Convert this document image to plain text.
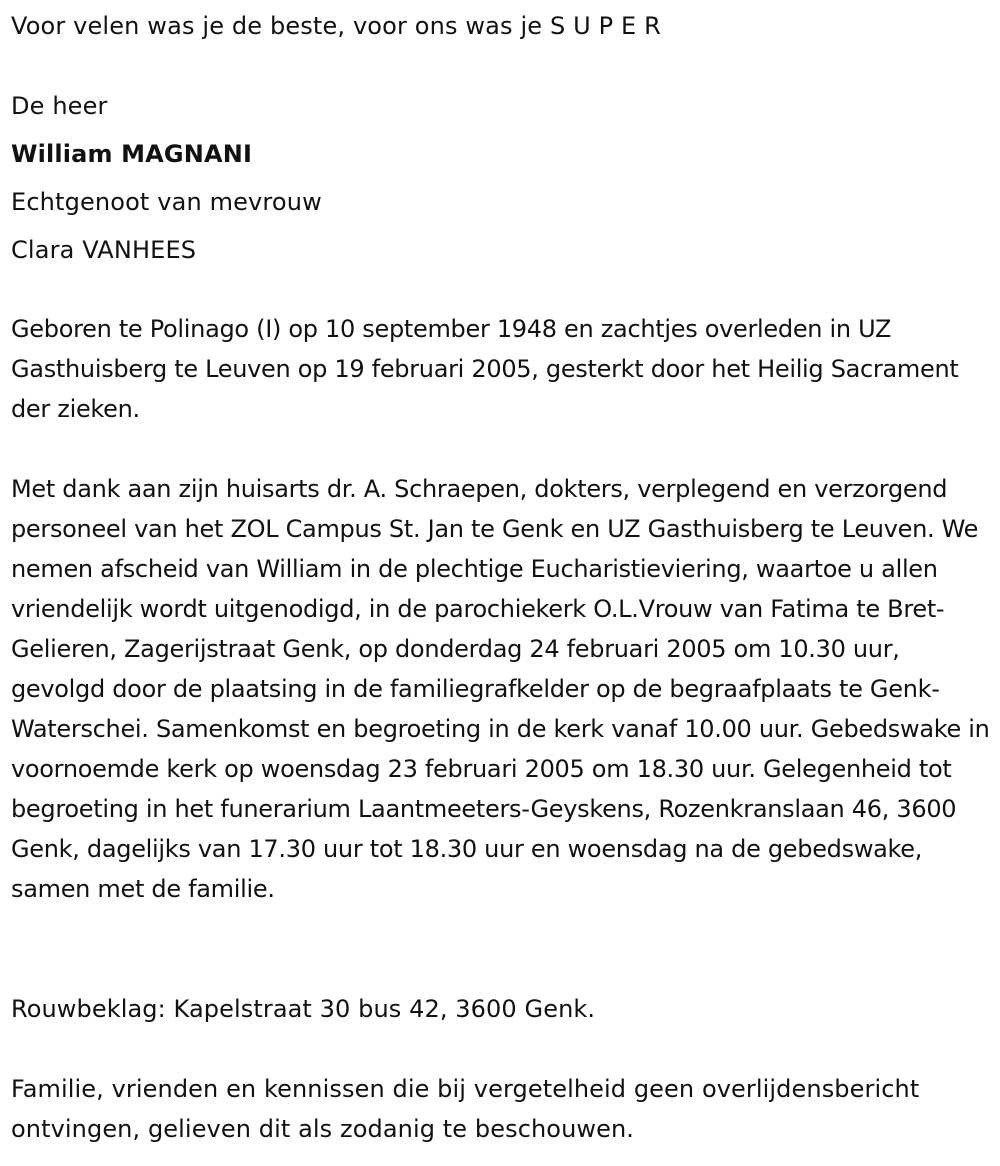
Voor velen was je de beste, voor ons was je S U P E R
De heer
William MAGNANI
Echtgenoot van mevrouw
Clara VANHEES
Geboren te Polinago (I) op 10 september 1948 en zachtjes overleden in UZ Gasthuisberg te Leuven op 19 februari 2005, gesterkt door het Heilig Sacrament der zieken.
Met dank aan zijn huisarts dr. A. Schraepen, dokters, verplegend en verzorgend personeel van het ZOL Campus St. Jan te Genk en UZ Gasthuisberg te Leuven. We nemen afscheid van William in de plechtige Eucharistieviering, waartoe u allen vriendelijk wordt uitgenodigd, in de parochiekerk O.L.Vrouw van Fatima te Bret-Gelieren, Zagerijstraat Genk, op donderdag 24 februari 2005 om 10.30 uur, gevolgd door de plaatsing in de familiegrafkelder op de begraafplaats te Genk-Waterschei. Samenkomst en begroeting in de kerk vanaf 10.00 uur. Gebedswake in voornoemde kerk op woensdag 23 februari 2005 om 18.30 uur. Gelegenheid tot begroeting in het funerarium Laantmeeters-Geyskens, Rozenkranslaan 46, 3600 Genk, dagelijks van 17.30 uur tot 18.30 uur en woensdag na de gebedswake, samen met de familie.
Rouwbeklag: Kapelstraat 30 bus 42, 3600 Genk.
Familie, vrienden en kennissen die bij vergetelheid geen overlijdensbericht ontvingen, gelieven dit als zodanig te beschouwen.
